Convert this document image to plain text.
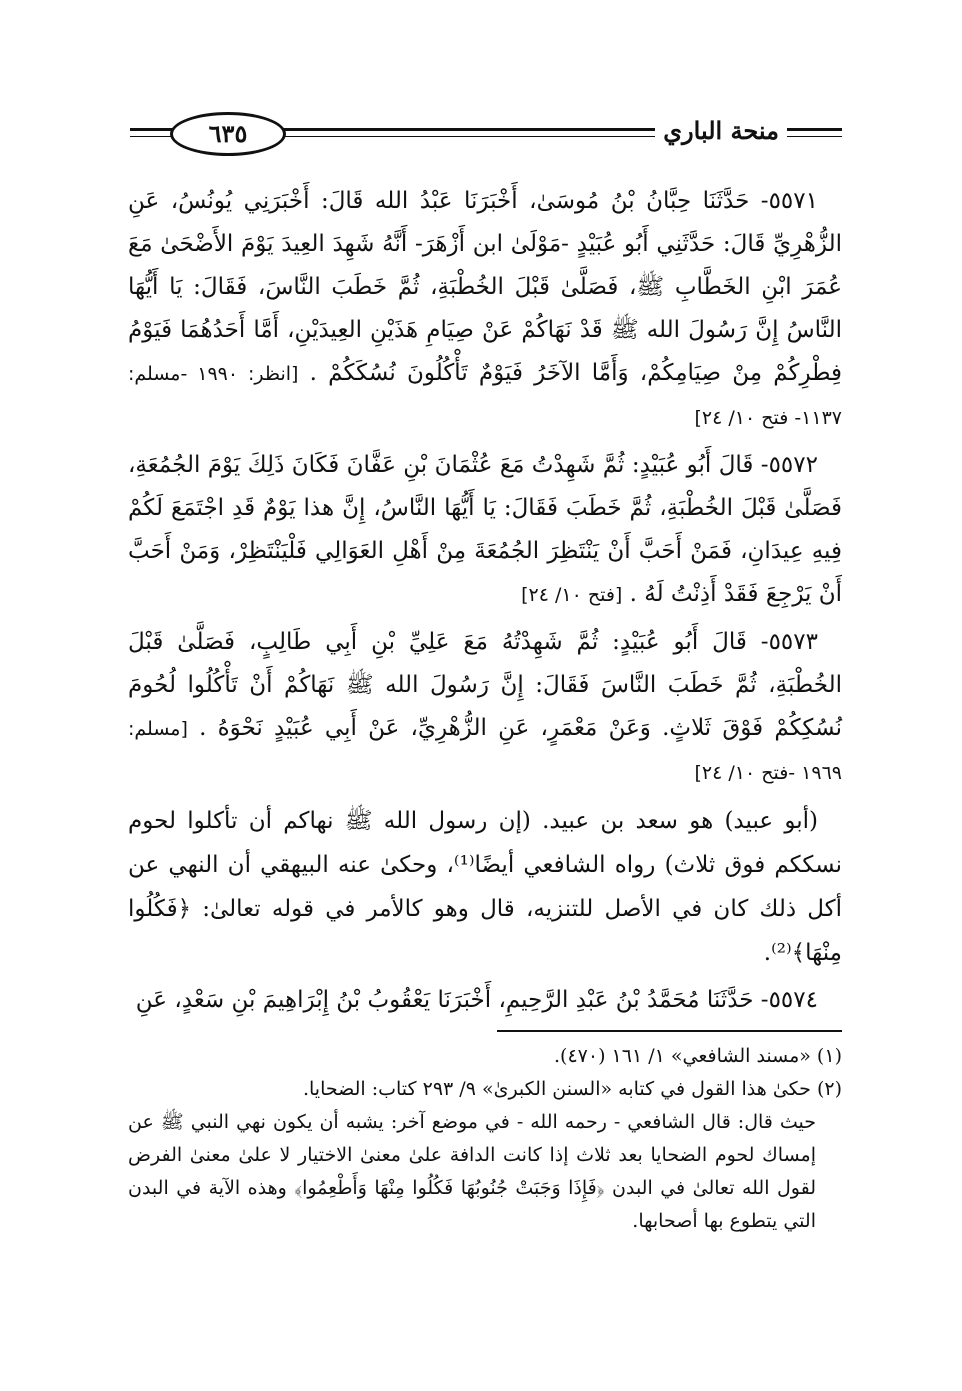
٦٣٥	منحة الباري

٥٥٧١- حَدَّثَنَا حِبَّانُ بْنُ مُوسَىٰ، أَخْبَرَنَا عَبْدُ الله قَالَ: أَخْبَرَنِي يُونُسُ، عَنِ الزُّهْرِيِّ قَالَ: حَدَّثَنِي أَبُو عُبَيْدٍ -مَوْلَىٰ ابن أَزْهَرَ- أَنَّهُ شَهِدَ العِيدَ يَوْمَ الأَضْحَىٰ مَعَ عُمَرَ ابْنِ الخَطَّابِ ﷺ، فَصَلَّىٰ قَبْلَ الخُطْبَةِ، ثُمَّ خَطَبَ النَّاسَ، فَقَالَ: يَا أَيُّهَا النَّاسُ إِنَّ رَسُولَ الله ﷺ قَدْ نَهَاكُمْ عَنْ صِيَامِ هَذَيْنِ العِيدَيْنِ، أَمَّا أَحَدُهُمَا فَيَوْمُ فِطْرِكُمْ مِنْ صِيَامِكُمْ، وَأَمَّا الآخَرُ فَيَوْمٌ تَأْكُلُونَ نُسُكَكُمْ . [انظر: ١٩٩٠ -مسلم: ١١٣٧- فتح ١٠/ ٢٤]

٥٥٧٢- قَالَ أَبُو عُبَيْدٍ: ثُمَّ شَهِدْتُ مَعَ عُثْمَانَ بْنِ عَفَّانَ فَكَانَ ذَلِكَ يَوْمَ الجُمُعَةِ، فَصَلَّىٰ قَبْلَ الخُطْبَةِ، ثُمَّ خَطَبَ فَقَالَ: يَا أَيُّهَا النَّاسُ، إِنَّ هذا يَوْمٌ قَدِ اجْتَمَعَ لَكُمْ فِيهِ عِيدَانِ، فَمَنْ أَحَبَّ أَنْ يَنْتَظِرَ الجُمُعَةَ مِنْ أَهْلِ العَوَالِي فَلْيَنْتَظِرْ، وَمَنْ أَحَبَّ أَنْ يَرْجِعَ فَقَدْ أَذِنْتُ لَهُ . [فتح ١٠/ ٢٤]

٥٥٧٣- قَالَ أَبُو عُبَيْدٍ: ثُمَّ شَهِدْتُهُ مَعَ عَلِيِّ بْنِ أَبِي طَالِبٍ، فَصَلَّىٰ قَبْلَ الخُطْبَةِ، ثُمَّ خَطَبَ النَّاسَ فَقَالَ: إِنَّ رَسُولَ الله ﷺ نَهَاكُمْ أَنْ تَأْكُلُوا لُحُومَ نُسُكِكُمْ فَوْقَ ثَلاثٍ. وَعَنْ مَعْمَرٍ، عَنِ الزُّهْرِيِّ، عَنْ أَبِي عُبَيْدٍ نَحْوَهُ . [مسلم: ١٩٦٩ -فتح ١٠/ ٢٤]

(أبو عبيد) هو سعد بن عبيد. (إن رسول الله ﷺ نهاكم أن تأكلوا لحوم نسككم فوق ثلاث) رواه الشافعي أيضًا⁽¹⁾، وحكىٰ عنه البيهقي أن النهي عن أكل ذلك كان في الأصل للتنزيه، قال وهو كالأمر في قوله تعالىٰ: ﴿فَكُلُوا مِنْهَا﴾⁽²⁾.

٥٥٧٤- حَدَّثَنَا مُحَمَّدُ بْنُ عَبْدِ الرَّحِيمِ، أَخْبَرَنَا يَعْقُوبُ بْنُ إِبْرَاهِيمَ بْنِ سَعْدٍ، عَنِ

(١) «مسند الشافعي» ١/ ١٦١ (٤٧٠).

(٢) حكىٰ هذا القول في كتابه «السنن الكبرىٰ» ٩/ ٢٩٣ كتاب: الضحايا.

حيث قال: قال الشافعي - رحمه الله - في موضع آخر: يشبه أن يكون نهي النبي ﷺ عن إمساك لحوم الضحايا بعد ثلاث إذا كانت الدافة علىٰ معنىٰ الاختيار لا علىٰ معنىٰ الفرض لقول الله تعالىٰ في البدن ﴿فَإِذَا وَجَبَتْ جُنُوبُهَا فَكُلُوا مِنْهَا وَأَطْعِمُوا﴾ وهذه الآية في البدن التي يتطوع بها أصحابها.
